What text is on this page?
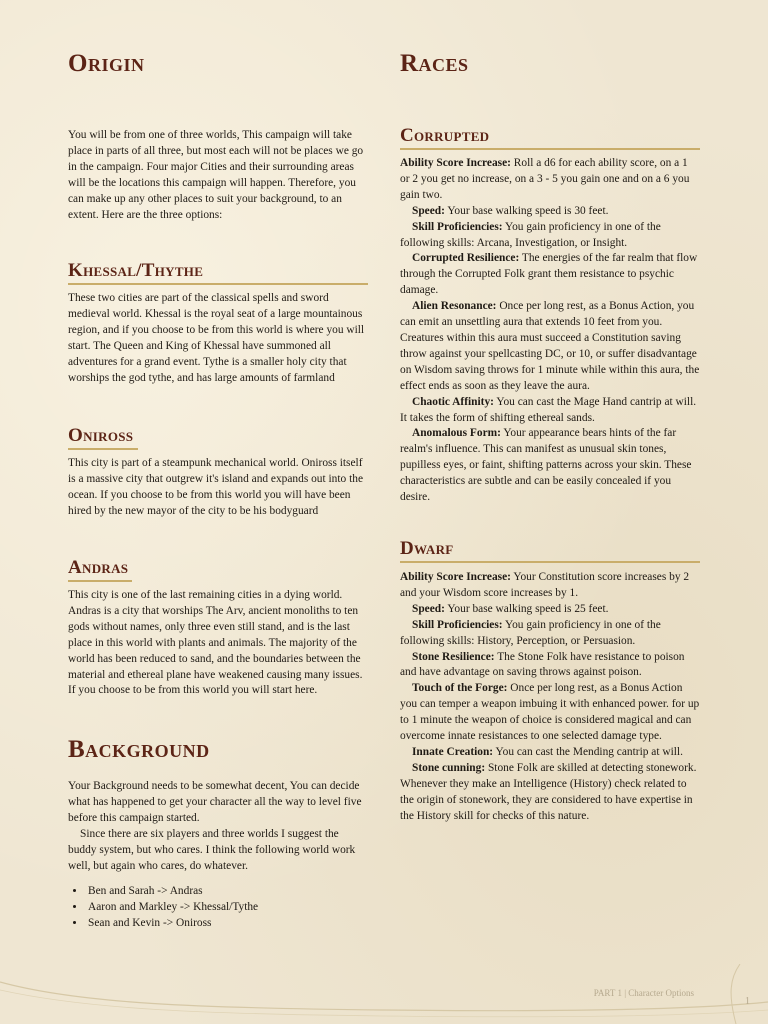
Origin

You will be from one of three worlds, This campaign will take place in parts of all three, but most each will not be places we go in the campaign. Four major Cities and their surrounding areas will be the locations this campaign will happen. Therefore, you can make up any other places to suit your background, to an extent. Here are the three options:

Khessal/Thythe

These two cities are part of the classical spells and sword medieval world. Khessal is the royal seat of a large mountainous region, and if you choose to be from this world is where you will start. The Queen and King of Khessal have summoned all adventures for a grand event. Tythe is a smaller holy city that worships the god tythe, and has large amounts of farmland

Oniross

This city is part of a steampunk mechanical world. Oniross itself is a massive city that outgrew it's island and expands out into the ocean. If you choose to be from this world you will have been hired by the new mayor of the city to be his bodyguard

Andras

This city is one of the last remaining cities in a dying world. Andras is a city that worships The Arv, ancient monoliths to ten gods without names, only three even still stand, and is the last place in this world with plants and animals. The majority of the world has been reduced to sand, and the boundaries between the material and ethereal plane have weakened causing many issues. If you choose to be from this world you will start here.

Background

Your Background needs to be somewhat decent, You can decide what has happened to get your character all the way to level five before this campaign started.
Since there are six players and three worlds I suggest the buddy system, but who cares. I think the following world work well, but again who cares, do whatever.

• Ben and Sarah -> Andras
• Aaron and Markley -> Khessal/Tythe
• Sean and Kevin -> Oniross
Races
Corrupted

Ability Score Increase: Roll a d6 for each ability score, on a 1 or 2 you get no increase, on a 3 - 5 you gain one and on a 6 you gain two.
Speed: Your base walking speed is 30 feet.
Skill Proficiencies: You gain proficiency in one of the following skills: Arcana, Investigation, or Insight.
Corrupted Resilience: The energies of the far realm that flow through the Corrupted Folk grant them resistance to psychic damage.
Alien Resonance: Once per long rest, as a Bonus Action, you can emit an unsettling aura that extends 10 feet from you. Creatures within this aura must succeed a Constitution saving throw against your spellcasting DC, or 10, or suffer disadvantage on Wisdom saving throws for 1 minute while within this aura, the effect ends as soon as they leave the aura.
Chaotic Affinity: You can cast the Mage Hand cantrip at will. It takes the form of shifting ethereal sands.
Anomalous Form: Your appearance bears hints of the far realm's influence. This can manifest as unusual skin tones, pupilless eyes, or faint, shifting patterns across your skin. These characteristics are subtle and can be easily concealed if you desire.

Dwarf

Ability Score Increase: Your Constitution score increases by 2 and your Wisdom score increases by 1.
Speed: Your base walking speed is 25 feet.
Skill Proficiencies: You gain proficiency in one of the following skills: History, Perception, or Persuasion.
Stone Resilience: The Stone Folk have resistance to poison and have advantage on saving throws against poison.
Touch of the Forge: Once per long rest, as a Bonus Action you can temper a weapon imbuing it with enhanced power. for up to 1 minute the weapon of choice is considered magical and can overcome innate resistances to one selected damage type.
Innate Creation: You can cast the Mending cantrip at will.
Stone cunning: Stone Folk are skilled at detecting stonework. Whenever they make an Intelligence (History) check related to the origin of stonework, they are considered to have expertise in the History skill for checks of this nature.

PART 1 | Character Options
1
